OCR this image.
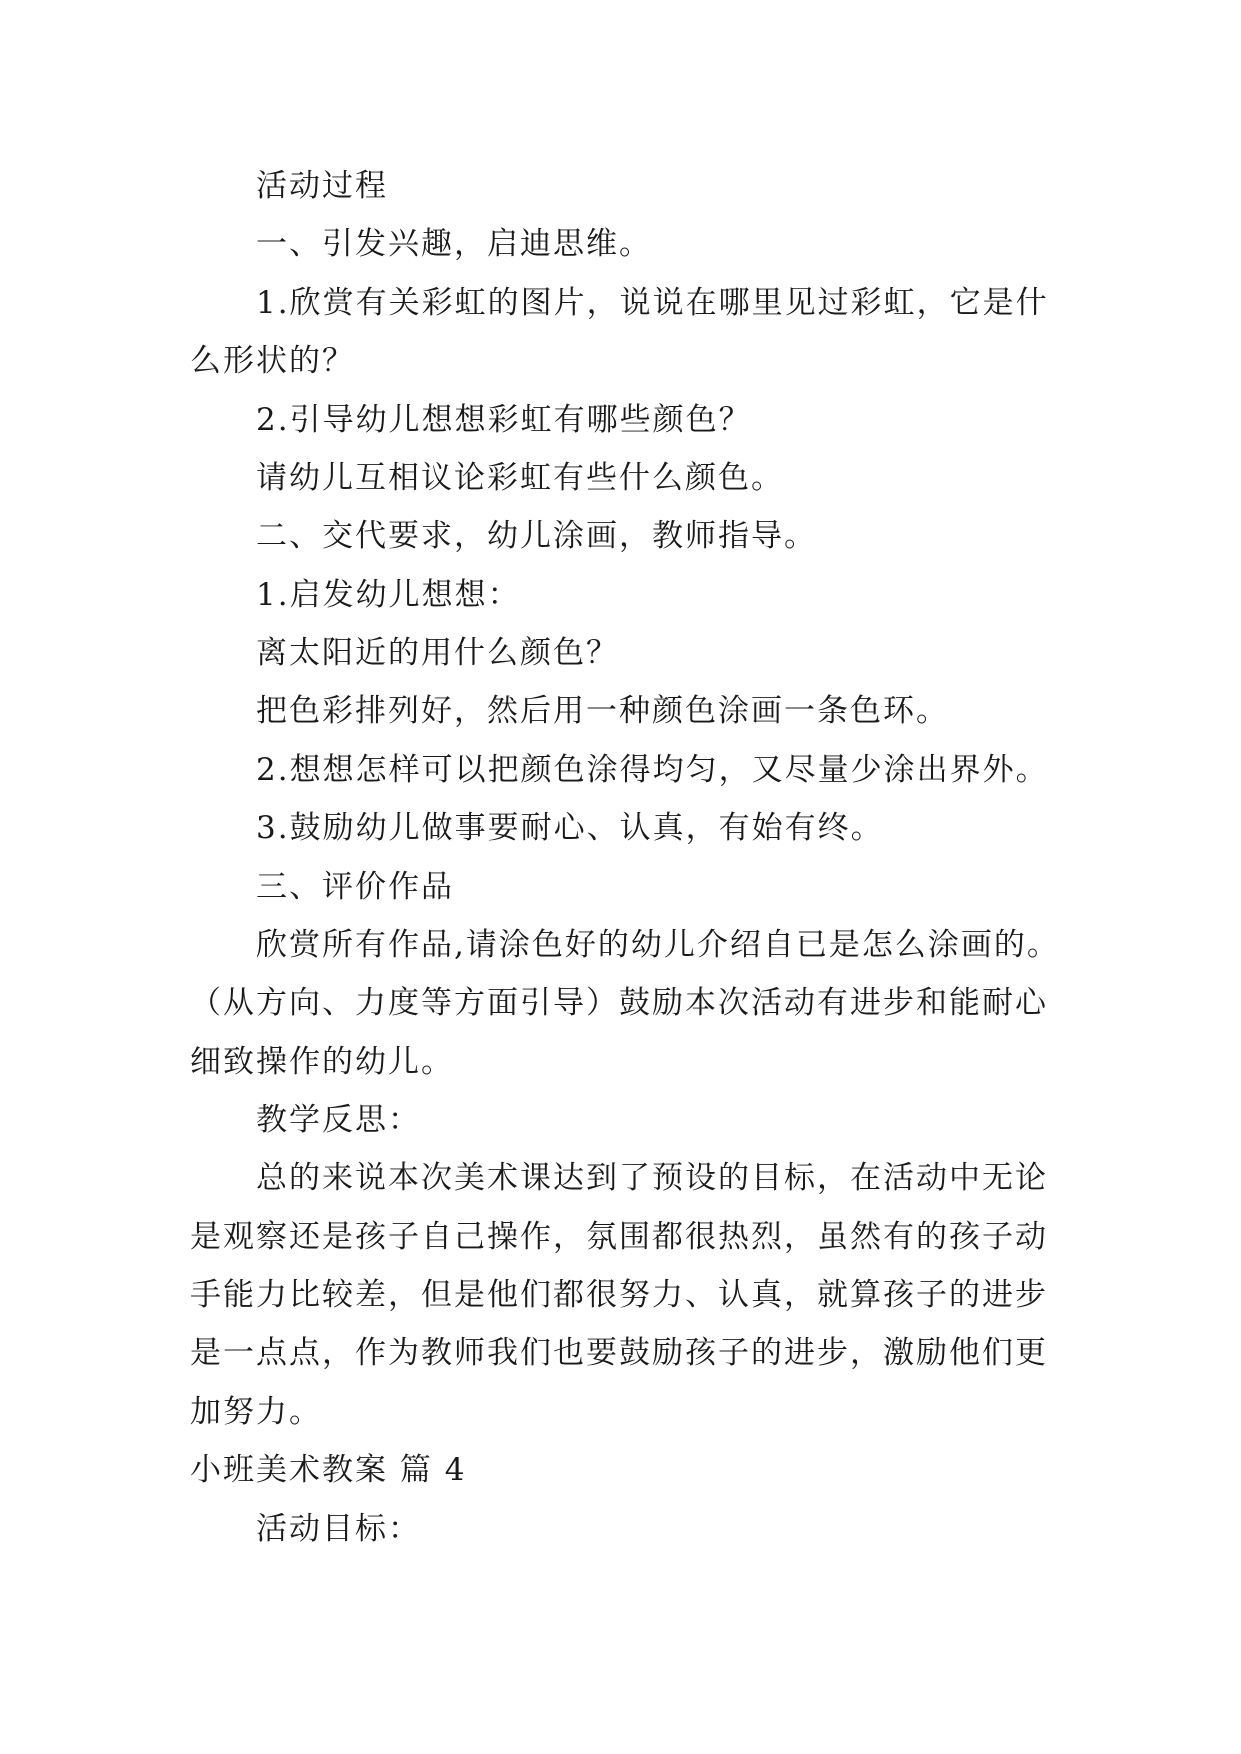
活动过程
一、引发兴趣，启迪思维。
1.欣赏有关彩虹的图片，说说在哪里见过彩虹，它是什
么形状的？
2.引导幼儿想想彩虹有哪些颜色？
请幼儿互相议论彩虹有些什么颜色。
二、交代要求，幼儿涂画，教师指导。
1.启发幼儿想想：
离太阳近的用什么颜色？
把色彩排列好，然后用一种颜色涂画一条色环。
2.想想怎样可以把颜色涂得均匀，又尽量少涂出界外。
3.鼓励幼儿做事要耐心、认真，有始有终。
三、评价作品
欣赏所有作品,请涂色好的幼儿介绍自已是怎么涂画的。
（从方向、力度等方面引导）鼓励本次活动有进步和能耐心
细致操作的幼儿。
教学反思：
总的来说本次美术课达到了预设的目标，在活动中无论
是观察还是孩子自己操作，氛围都很热烈，虽然有的孩子动
手能力比较差，但是他们都很努力、认真，就算孩子的进步
是一点点，作为教师我们也要鼓励孩子的进步，激励他们更
加努力。
小班美术教案 篇 4
活动目标：
